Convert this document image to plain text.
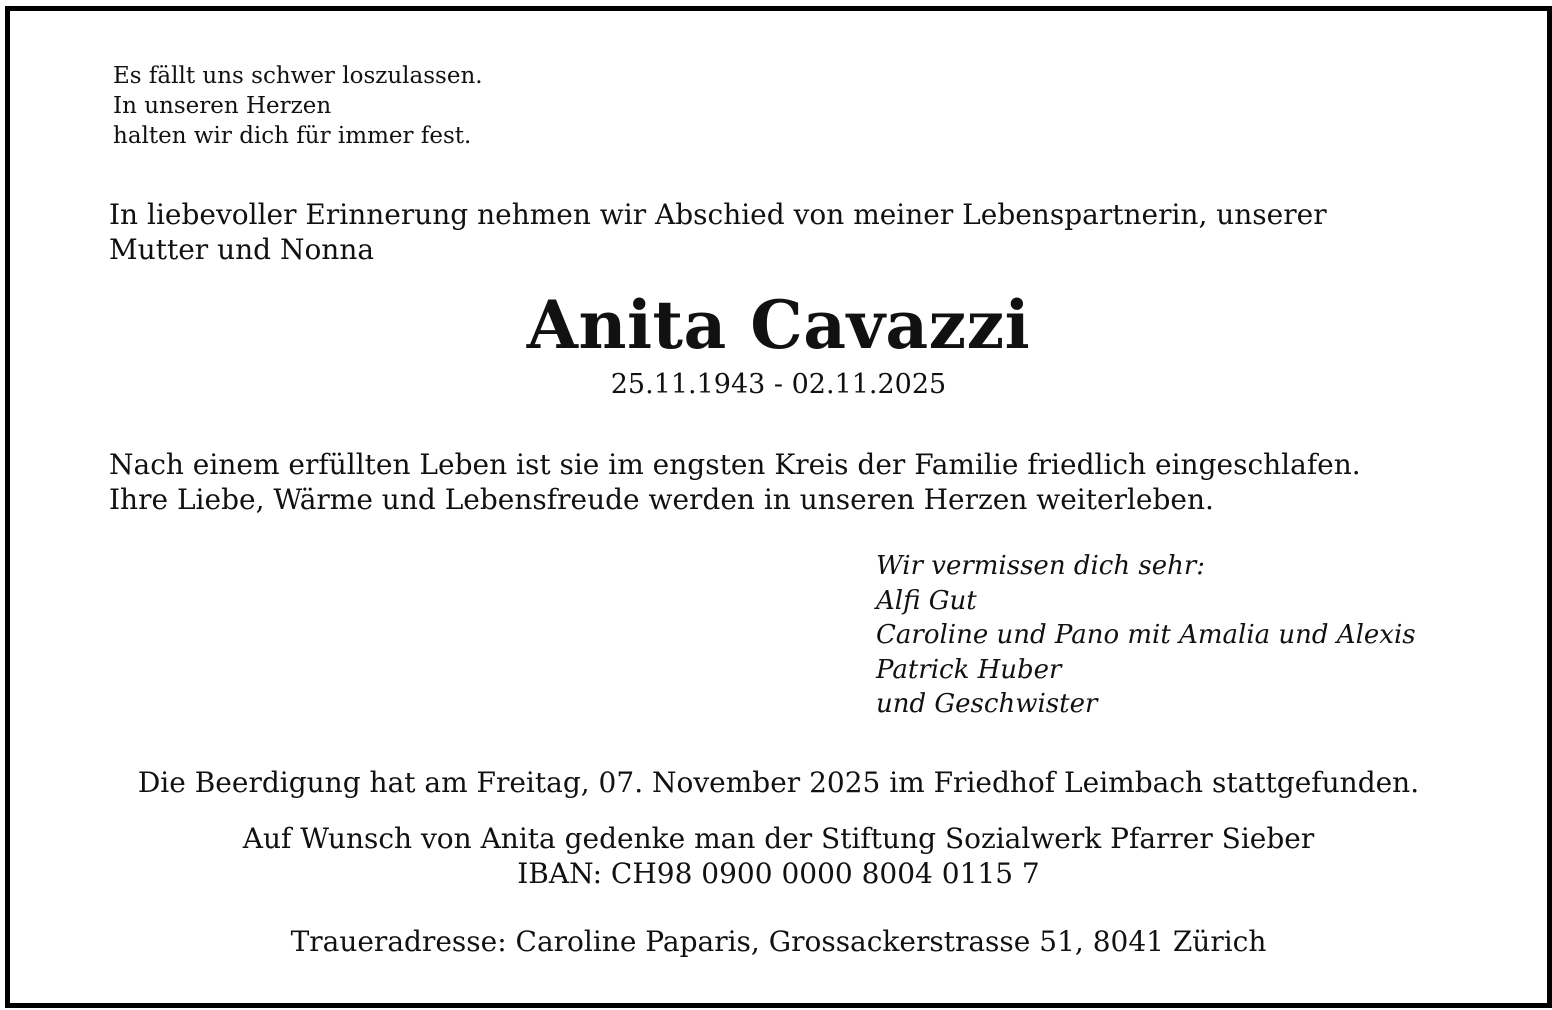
Es fällt uns schwer loszulassen.
In unseren Herzen
halten wir dich für immer fest.
In liebevoller Erinnerung nehmen wir Abschied von meiner Lebenspartnerin, unserer
Mutter und Nonna
Anita Cavazzi
25.11.1943 - 02.11.2025
Nach einem erfüllten Leben ist sie im engsten Kreis der Familie friedlich eingeschlafen.
Ihre Liebe, Wärme und Lebensfreude werden in unseren Herzen weiterleben.
Wir vermissen dich sehr:
Alfi Gut
Caroline und Pano mit Amalia und Alexis
Patrick Huber
und Geschwister
Die Beerdigung hat am Freitag, 07. November 2025 im Friedhof Leimbach stattgefunden.
Auf Wunsch von Anita gedenke man der Stiftung Sozialwerk Pfarrer Sieber
IBAN: CH98 0900 0000 8004 0115 7
Traueradresse: Caroline Paparis, Grossackerstrasse 51, 8041 Zürich
